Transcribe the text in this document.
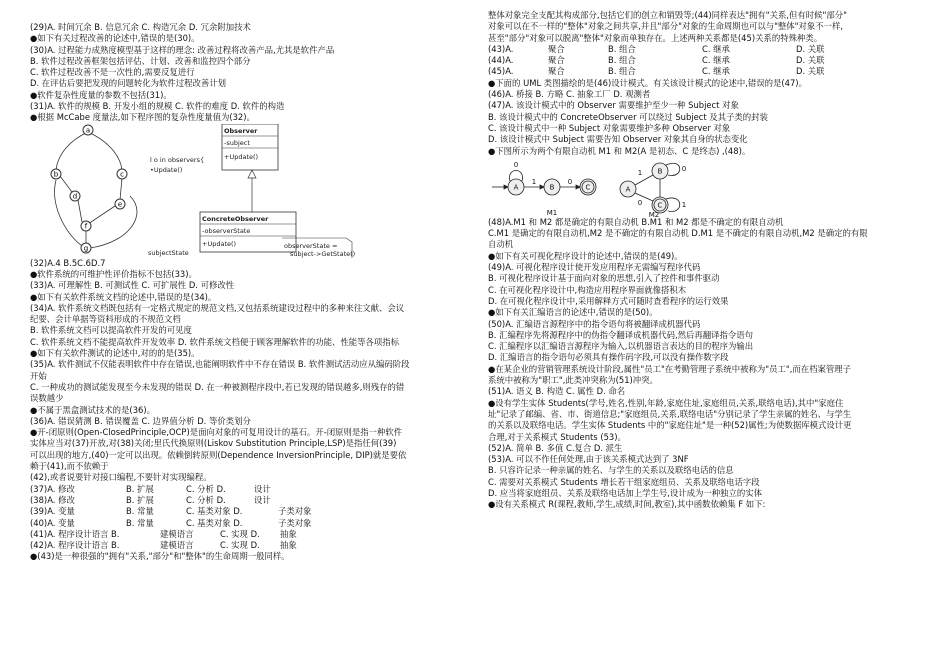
(29)A. 时间冗余 B. 信息冗余 C. 构造冗余 D. 冗余附加技术
●如下有关过程改善的论述中,错误的是(30)。
(30)A. 过程能力成熟度模型基于这样的理念: 改善过程将改善产品,尤其是软件产品
B. 软件过程改善框架包括评估、计划、改善和监控四个部分
C. 软件过程改善不是一次性的,需要反复进行
D. 在评估后要把发现的问题转化为软件过程改善计划
●软件复杂性度量的参数不包括(31)。
(31)A. 软件的规模 B. 开发小组的规模 C. 软件的难度 D. 软件的构造
●根据 McCabe 度量法,如下程序图的复杂性度量值为(32)。
a
b	c
d
e
f
g
Observer
-subject
+Update()
l o in observers{
•Update()
ConcreteObserver
-observerState
+Update()	observerState =
subject->GetState()
subjectState
(32)A.4 B.5C.6D.7
●软件系统的可维护性评价指标不包括(33)。
(33)A. 可理解性 B. 可测试性 C. 可扩展性 D. 可修改性
●如下有关软件系统文档的论述中,错误的是(34)。
(34)A. 软件系统文档既包括有一定格式规定的规范文档,又包括系统建设过程中的多种来往文献、会议
纪要、会计单据等资料形成的不规范文档
B. 软件系统文档可以提高软件开发的可见度
C. 软件系统文档不能提高软件开发效率 D. 软件系统文档便于顾客理解软件的功能、性能等各项指标
●如下有关软件测试的论述中,对的的是(35)。
(35)A. 软件测试不仅能表明软件中存在错误,也能阐明软件中不存在错误 B. 软件测试活动应从编码阶段
开始
C. 一种成功的测试能发现至今未发现的错误 D. 在一种被测程序段中,若已发现的错误越多,则残存的错
误数越少
●不属于黑盒测试技术的是(36)。
(36)A. 错误猜测 B. 错误覆盖 C. 边界值分析 D. 等价类划分
●开-闭原则(Open-ClosedPrinciple,OCP)是面向对象的可复用设计的基石。开-闭原则是指一种软件
实体应当对(37)开放,对(38)关闭;里氏代换原则(Liskov Substitution Principle,LSP)是指任何(39)
可以出现的地方,(40)一定可以出现。依赖倒转原则(Dependence InversionPrinciple, DIP)就是要依
赖于(41),而不依赖于
(42),或者说要针对接口编程,不要针对实现编程。
(37)A. 修改	B. 扩展	C. 分析 D.	设计
(38)A. 修改	B. 扩展	C. 分析 D.	设计
(39)A. 变量	B. 常量	C. 基类对象 D.	子类对象
(40)A. 变量	B. 常量	C. 基类对象 D.	子类对象
(41)A. 程序设计语言 B.	建模语言	C. 实现 D. 抽象
(42)A. 程序设计语言 B.	建模语言	C. 实现 D. 抽象
●(43)是一种很强的"拥有"关系,"部分"和"整体"的生命周期一般同样。
整体对象完全支配其构成部分,包括它们的创立和销毁等;(44)同样表达"拥有"关系,但有时候"部分"
对象可以在不一样的"整体"对象之间共享,并且"部分"对象的生命周期也可以与"整体"对象不一样,
甚至"部分"对象可以脱离"整体"对象而单独存在。上述两种关系都是(45)关系的特殊种类。
(43)A.	聚合	B. 组合	C. 继承	D. 关联
(44)A.	聚合	B. 组合	C. 继承	D. 关联
(45)A.	聚合	B. 组合	C. 继承	D. 关联
●下面的 UML 类图描绘的是(46)设计模式。有关该设计模式的论述中,错误的是(47)。
(46)A. 桥接 B. 方略 C. 抽象工厂 D. 观测者
(47)A. 该设计模式中的 Observer 需要维护至少一种 Subject 对象
B. 该设计模式中的 ConcreteObserver 可以绕过 Subject 及其子类的封装
C. 该设计模式中一种 Subject 对象需要维护多种 Observer 对象
D. 该设计模式中 Subject 需要告知 Observer 对象其自身的状态变化
●下图所示为两个有限自动机 M1 和 M2(A 是初态、C 是终态) ,(48)。
A	B	C
0
1	0
M1
A
B
C
1
0
0
1
M2
(48)A.M1 和 M2 都是确定的有限自动机 B.M1 和 M2 都是不确定的有限自动机
C.M1 是确定的有限自动机,M2 是不确定的有限自动机 D.M1 是不确定的有限自动机,M2 是确定的有限
自动机
●如下有关可视化程序设计的论述中,错误的是(49)。
(49)A. 可视化程序设计使开发应用程序无需编写程序代码
B. 可视化程序设计基于面向对象的思想,引入了控件和事件驱动
C. 在可视化程序设计中,构造应用程序界面就像搭积木
D. 在可视化程序设计中,采用解释方式可随时查看程序的运行效果
●如下有关汇编语言的论述中,错误的是(50)。
(50)A. 汇编语言源程序中的指令语句将被翻译成机器代码
B. 汇编程序先将源程序中的伪指令翻译成机器代码,然后再翻译指令语句
C. 汇编程序以汇编语言源程序为输入,以机器语言表达的目的程序为输出
D. 汇编语言的指令语句必须具有操作码字段,可以没有操作数字段
●在某企业的营销管理系统设计阶段,属性"员工"在考勤管理子系统中被称为"员工",而在档案管理子
系统中被称为"职工",此类冲突称为(51)冲突。
(51)A. 语义 B. 构造 C. 属性 D. 命名
●设有学生实体 Students(学号,姓名,性别,年龄,家庭住址,家庭组员,关系,联络电话),其中"家庭住
址"记录了邮编、省、市、街道信息;"家庭组员,关系,联络电话"分别记录了学生亲属的姓名、与学生
的关系以及联络电话。学生实体 Students 中的"家庭住址"是一种(52)属性;为使数据库模式设计更
合理,对于关系模式 Students (53)。
(52)A. 简单 B. 多值 C.复合 D. 派生
(53)A. 可以不作任何处理,由于该关系模式达到了 3NF
B. 只容许记录一种亲属的姓名、与学生的关系以及联络电话的信息
C. 需要对关系模式 Students 增长若干组家庭组员、关系及联络电话字段
D. 应当将家庭组员、关系及联络电话加上学生号,设计成为一种独立的实体
●设有关系模式 R(课程,教师,学生,成绩,时间,教室),其中函数依赖集 F 如下:
